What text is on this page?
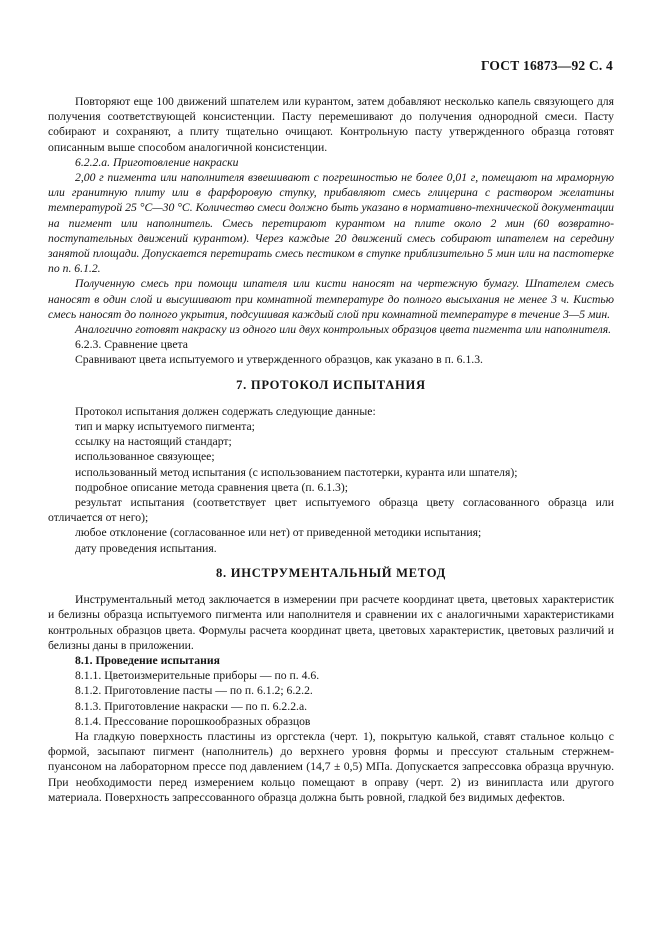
ГОСТ 16873—92 С. 4

Повторяют еще 100 движений шпателем или курантом, затем добавляют несколько капель связующего для получения соответствующей консистенции. Пасту перемешивают до получения однородной смеси. Пасту собирают и сохраняют, а плиту тщательно очищают. Контрольную пасту утвержденного образца готовят описанным выше способом аналогичной консистенции.

6.2.2.а. Приготовление накраски

2,00 г пигмента или наполнителя взвешивают с погрешностью не более 0,01 г, помещают на мраморную или гранитную плиту или в фарфоровую ступку, прибавляют смесь глицерина с раствором желатины температурой 25 °С—30 °С. Количество смеси должно быть указано в нормативно-технической документации на пигмент или наполнитель. Смесь перетирают курантом на плите около 2 мин (60 возвратно-поступательных движений курантом). Через каждые 20 движений смесь собирают шпателем на середину занятой площади. Допускается перетирать смесь пестиком в ступке приблизительно 5 мин или на пастотерке по п. 6.1.2.

Полученную смесь при помощи шпателя или кисти наносят на чертежную бумагу. Шпателем смесь наносят в один слой и высушивают при комнатной температуре до полного высыхания не менее 3 ч. Кистью смесь наносят до полного укрытия, подсушивая каждый слой при комнатной температуре в течение 3—5 мин.

Аналогично готовят накраску из одного или двух контрольных образцов цвета пигмента или наполнителя.

6.2.3. Сравнение цвета

Сравнивают цвета испытуемого и утвержденного образцов, как указано в п. 6.1.3.

7. ПРОТОКОЛ ИСПЫТАНИЯ

Протокол испытания должен содержать следующие данные:

тип и марку испытуемого пигмента;

ссылку на настоящий стандарт;

использованное связующее;

использованный метод испытания (с использованием пастотерки, куранта или шпателя);

подробное описание метода сравнения цвета (п. 6.1.3);

результат испытания (соответствует цвет испытуемого образца цвету согласованного образца или отличается от него);

любое отклонение (согласованное или нет) от приведенной методики испытания;

дату проведения испытания.

8. ИНСТРУМЕНТАЛЬНЫЙ МЕТОД

Инструментальный метод заключается в измерении при расчете координат цвета, цветовых характеристик и белизны образца испытуемого пигмента или наполнителя и сравнении их с аналогичными характеристиками контрольных образцов цвета. Формулы расчета координат цвета, цветовых характеристик, цветовых различий и белизны даны в приложении.

8.1. Проведение испытания

8.1.1. Цветоизмерительные приборы — по п. 4.6.

8.1.2. Приготовление пасты — по п. 6.1.2; 6.2.2.

8.1.3. Приготовление накраски — по п. 6.2.2.а.

8.1.4. Прессование порошкообразных образцов

На гладкую поверхность пластины из оргстекла (черт. 1), покрытую калькой, ставят стальное кольцо с формой, засыпают пигмент (наполнитель) до верхнего уровня формы и прессуют стальным стержнем-пуансоном на лабораторном прессе под давлением (14,7 ± 0,5) МПа. Допускается запрессовка образца вручную. При необходимости перед измерением кольцо помещают в оправу (черт. 2) из винипласта или другого материала. Поверхность запрессованного образца должна быть ровной, гладкой без видимых дефектов.
